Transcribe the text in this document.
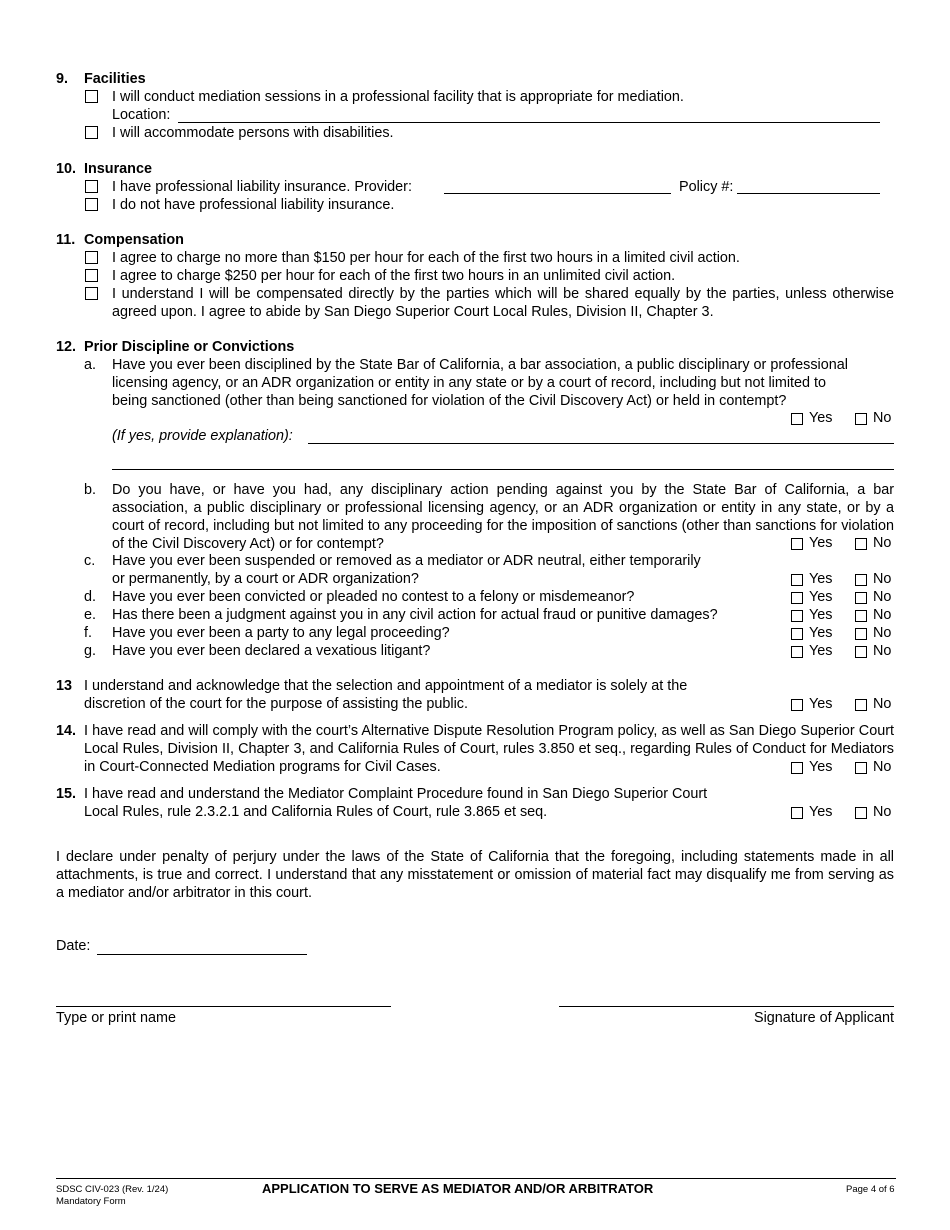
9. Facilities
I will conduct mediation sessions in a professional facility that is appropriate for mediation.
Location:
I will accommodate persons with disabilities.
10. Insurance
I have professional liability insurance. Provider:	Policy #:
I do not have professional liability insurance.
11. Compensation
I agree to charge no more than $150 per hour for each of the first two hours in a limited civil action.
I agree to charge $250 per hour for each of the first two hours in an unlimited civil action.
I understand I will be compensated directly by the parties which will be shared equally by the parties, unless otherwise agreed upon. I agree to abide by San Diego Superior Court Local Rules, Division II, Chapter 3.
12. Prior Discipline or Convictions
a. Have you ever been disciplined by the State Bar of California, a bar association, a public disciplinary or professional licensing agency, or an ADR organization or entity in any state or by a court of record, including but not limited to being sanctioned (other than being sanctioned for violation of the Civil Discovery Act) or held in contempt?
Yes	No
(If yes, provide explanation):
b. Do you have, or have you had, any disciplinary action pending against you by the State Bar of California, a bar association, a public disciplinary or professional licensing agency, or an ADR organization or entity in any state, or by a court of record, including but not limited to any proceeding for the imposition of sanctions (other than sanctions for violation of the Civil Discovery Act) or for contempt?	Yes	No
c. Have you ever been suspended or removed as a mediator or ADR neutral, either temporarily
or permanently, by a court or ADR organization?	Yes	No
d. Have you ever been convicted or pleaded no contest to a felony or misdemeanor?	Yes	No
e. Has there been a judgment against you in any civil action for actual fraud or punitive damages?	Yes	No
f. Have you ever been a party to any legal proceeding?	Yes	No
g. Have you ever been declared a vexatious litigant?	Yes	No
13 I understand and acknowledge that the selection and appointment of a mediator is solely at the
discretion of the court for the purpose of assisting the public.	Yes	No
14. I have read and will comply with the court’s Alternative Dispute Resolution Program policy, as well as San Diego Superior Court Local Rules, Division II, Chapter 3, and California Rules of Court, rules 3.850 et seq., regarding Rules of Conduct for Mediators in Court-Connected Mediation programs for Civil Cases.	Yes	No
15. I have read and understand the Mediator Complaint Procedure found in San Diego Superior Court
Local Rules, rule 2.3.2.1 and California Rules of Court, rule 3.865 et seq.	Yes	No
I declare under penalty of perjury under the laws of the State of California that the foregoing, including statements made in all attachments, is true and correct. I understand that any misstatement or omission of material fact may disqualify me from serving as a mediator and/or arbitrator in this court.
Date:
Type or print name	Signature of Applicant
SDSC CIV-023 (Rev. 1/24)
Mandatory Form
APPLICATION TO SERVE AS MEDIATOR AND/OR ARBITRATOR	Page 4 of 6
